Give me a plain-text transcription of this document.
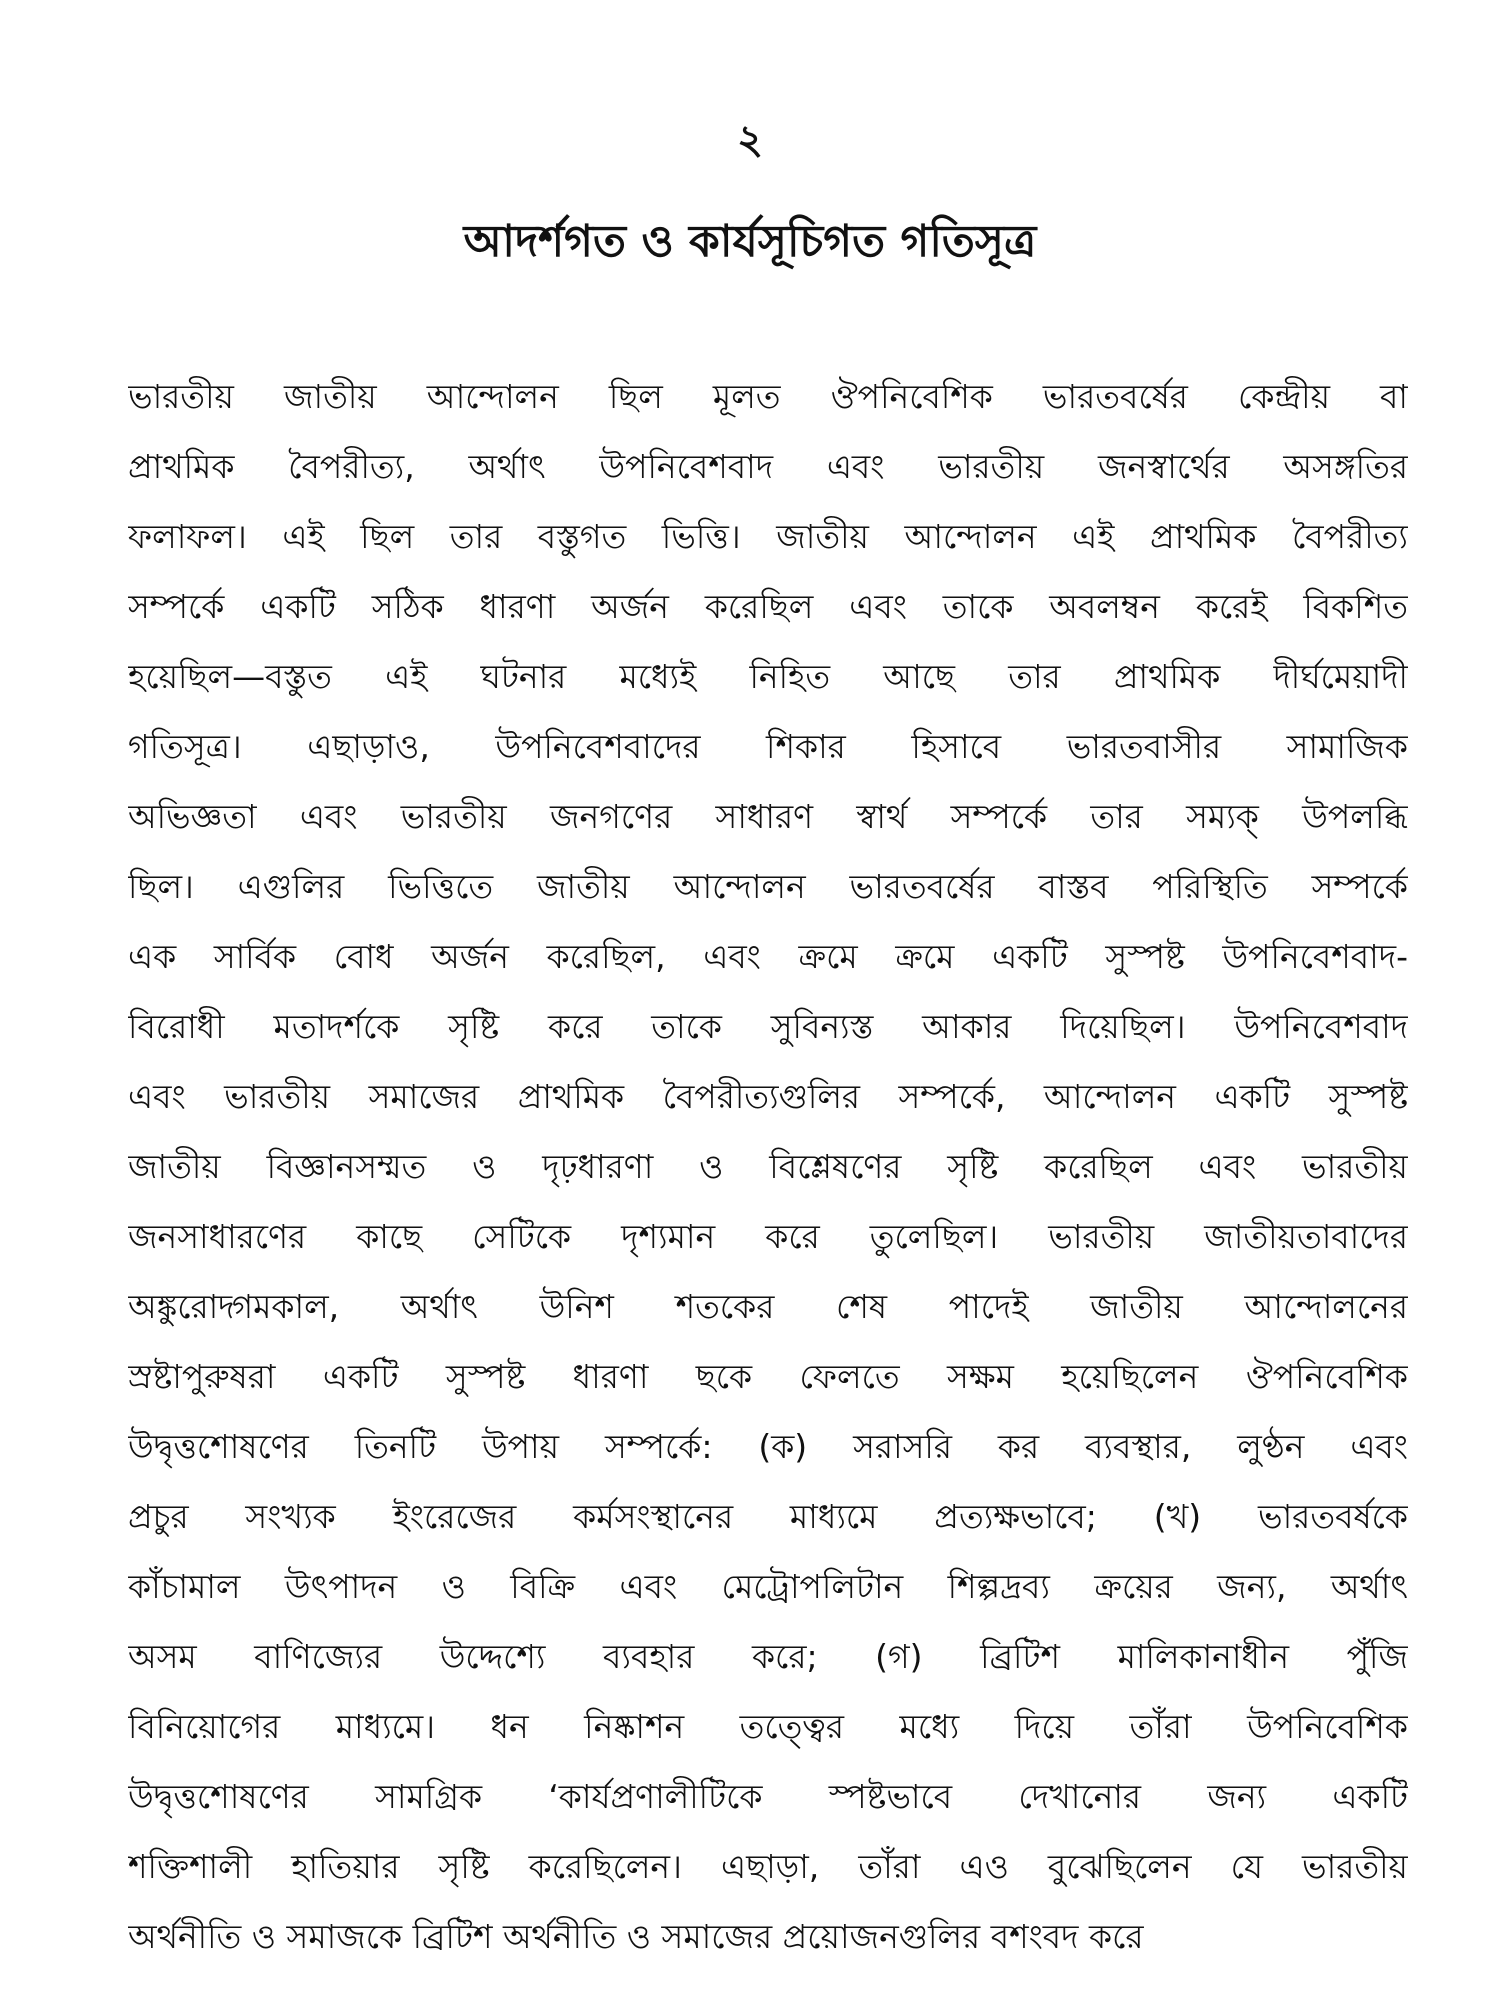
২
আদর্শগত ও কার্যসূচিগত গতিসূত্র
ভারতীয় জাতীয় আন্দোলন ছিল মূলত ঔপনিবেশিক ভারতবর্ষের কেন্দ্রীয় বা
প্রাথমিক বৈপরীত্য, অর্থাৎ উপনিবেশবাদ এবং ভারতীয় জনস্বার্থের অসঙ্গতির
ফলাফল। এই ছিল তার বস্তুগত ভিত্তি। জাতীয় আন্দোলন এই প্রাথমিক বৈপরীত্য
সম্পর্কে একটি সঠিক ধারণা অর্জন করেছিল এবং তাকে অবলম্বন করেই বিকশিত
হয়েছিল—বস্তুত এই ঘটনার মধ্যেই নিহিত আছে তার প্রাথমিক দীর্ঘমেয়াদী
গতিসূত্র। এছাড়াও, উপনিবেশবাদের শিকার হিসাবে ভারতবাসীর সামাজিক
অভিজ্ঞতা এবং ভারতীয় জনগণের সাধারণ স্বার্থ সম্পর্কে তার সম্যক্ উপলব্ধি
ছিল। এগুলির ভিত্তিতে জাতীয় আন্দোলন ভারতবর্ষের বাস্তব পরিস্থিতি সম্পর্কে
এক সার্বিক বোধ অর্জন করেছিল, এবং ক্রমে ক্রমে একটি সুস্পষ্ট উপনিবেশবাদ-
বিরোধী মতাদর্শকে সৃষ্টি করে তাকে সুবিন্যস্ত আকার দিয়েছিল। উপনিবেশবাদ
এবং ভারতীয় সমাজের প্রাথমিক বৈপরীত্যগুলির সম্পর্কে, আন্দোলন একটি সুস্পষ্ট
জাতীয় বিজ্ঞানসম্মত ও দৃঢ়ধারণা ও বিশ্লেষণের সৃষ্টি করেছিল এবং ভারতীয়
জনসাধারণের কাছে সেটিকে দৃশ্যমান করে তুলেছিল। ভারতীয় জাতীয়তাবাদের
অঙ্কুরোদ্গমকাল, অর্থাৎ উনিশ শতকের শেষ পাদেই জাতীয় আন্দোলনের
স্রষ্টাপুরুষরা একটি সুস্পষ্ট ধারণা ছকে ফেলতে সক্ষম হয়েছিলেন ঔপনিবেশিক
উদ্বৃত্তশোষণের তিনটি উপায় সম্পর্কে: (ক) সরাসরি কর ব্যবস্থার, লুণ্ঠন এবং
প্রচুর সংখ্যক ইংরেজের কর্মসংস্থানের মাধ্যমে প্রত্যক্ষভাবে; (খ) ভারতবর্ষকে
কাঁচামাল উৎপাদন ও বিক্রি এবং মেট্রোপলিটান শিল্পদ্রব্য ক্রয়ের জন্য, অর্থাৎ
অসম বাণিজ্যের উদ্দেশ্যে ব্যবহার করে; (গ) ব্রিটিশ মালিকানাধীন পুঁজি
বিনিয়োগের মাধ্যমে। ধন নিষ্কাশন তত্ত্বের মধ্যে দিয়ে তাঁরা উপনিবেশিক
উদ্বৃত্তশোষণের সামগ্রিক ‘কার্যপ্রণালীটিকে স্পষ্টভাবে দেখানোর জন্য একটি
শক্তিশালী হাতিয়ার সৃষ্টি করেছিলেন। এছাড়া, তাঁরা এও বুঝেছিলেন যে ভারতীয়
অর্থনীতি ও সমাজকে ব্রিটিশ অর্থনীতি ও সমাজের প্রয়োজনগুলির বশংবদ করে
